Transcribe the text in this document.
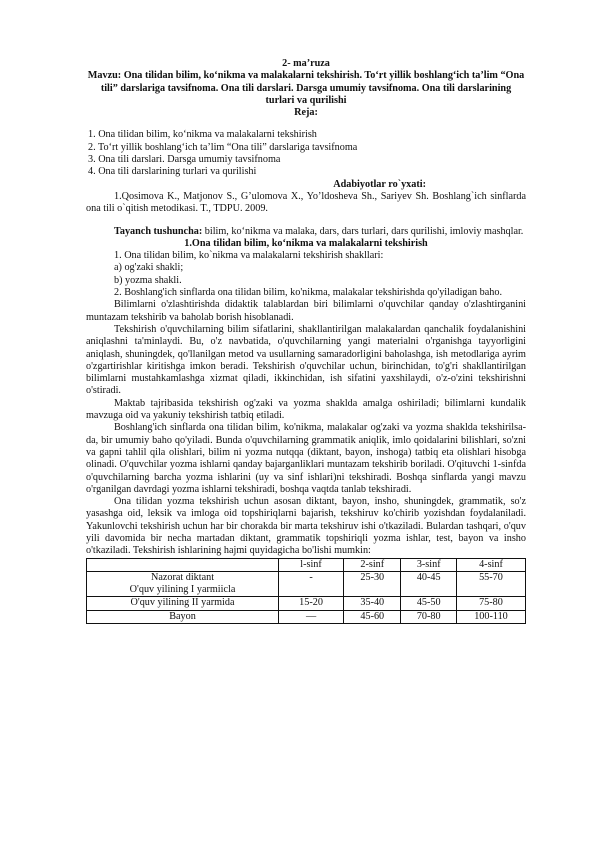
2- ma’ruza

Mavzu: Ona tilidan bilim, ko‘nikma va malakalarni tekshirish. To‘rt yillik boshlang‘ich ta’lim “Ona tili” darslariga tavsifnoma. Ona tili darslari. Darsga umumiy tavsifnoma. Ona tili darslarining turlari va qurilishi

Reja:

1. Ona tilidan bilim, ko‘nikma va malakalarni tekshirish

2. To‘rt yillik boshlang‘ich ta’lim “Ona tili” darslariga tavsifnoma

3. Ona tili darslari. Darsga umumiy tavsifnoma

4. Ona tili darslarining turlari va qurilishi

Adabiyotlar ro`yxati:

1.Qosimova K., Matjonov S., G’ulomova X., Yo’ldosheva Sh., Sariyev Sh. Boshlang`ich sinflarda ona tili o`qitish metodikasi. T., TDPU. 2009.

Tayanch tushuncha: bilim, ko‘nikma va malaka, dars, dars turlari, dars qurilishi, imloviy mashqlar.

1.Ona tilidan bilim, ko‘nikma va malakalarni tekshirish

1. Ona tilidan bilim, ko`nikma va malakalarni tekshirish shakllari:

a) og'zaki shakli;

b) yozma shakli.

2. Boshlang'ich sinflarda ona tilidan bilim, ko'nikma, malakalar tekshirishda qo'yiladigan baho.

Bilimlarni o'zlashtirishda didaktik talablardan biri bilimlarni o'quvchilar qanday o'zlashtirganini muntazam tekshirib va baholab borish hisoblanadi.

Tekshirish o'quvchilarning bilim sifatlarini, shakllantirilgan malakalardan qanchalik foydalanishini aniqlashni ta'minlaydi. Bu, o'z navbatida, o'quvchilarning yangi materialni o'rganishga tayyorligini aniqlash, shuningdek, qo'llanilgan metod va usullarning samaradorligini baholashga, ish metodlariga ayrim o'zgartirishlar kiritishga imkon beradi. Tekshirish o'quvchilar uchun, birinchidan, to'g'ri shakllantirilgan bilimlarni mustahkamlashga xizmat qiladi, ikkinchidan, ish sifatini yaxshilaydi, o'z-o'zini tekshirishni o'stiradi.

Maktab tajribasida tekshirish og'zaki va yozma shaklda amalga oshiriladi; bilimlarni kundalik mavzuga oid va yakuniy tekshirish tatbiq etiladi.

Boshlang'ich sinflarda ona tilidan bilim, ko'nikma, malakalar og'zaki va yozma shaklda tekshirilsa-da, bir umumiy baho qo'yiladi. Bunda o'quvchilarning grammatik aniqlik, imlo qoidalarini bilishlari, so'zni va gapni tahlil qila olishlari, bilim ni yozma nutqqa (diktant, bayon, inshoga) tatbiq eta olishlari hisobga olinadi. O'quvchilar yozma ishlarni qanday bajarganliklari muntazam tekshirib boriladi. O'qituvchi 1-sinfda o'quvchilarning barcha yozma ishlarini (uy va sinf ishlari)ni tekshiradi. Boshqa sinflarda yangi mavzu o'rganilgan davrdagi yozma ishlarni tekshiradi, boshqa vaqtda tanlab tekshiradi.

Ona tilidan yozma tekshirish uchun asosan diktant, bayon, insho, shuningdek, grammatik, so'z yasashga oid, leksik va imloga oid topshiriqlarni bajarish, tekshiruv ko'chirib yozishdan foydalaniladi. Yakunlovchi tekshirish uchun har bir chorakda bir marta tekshiruv ishi o'tkaziladi. Bulardan tashqari, o'quv yili davomida bir necha martadan diktant, grammatik topshiriqli yozma ishlar, test, bayon va insho o'tkaziladi. Tekshirish ishlarining hajmi quyidagicha bo'lishi mumkin:

	l-sinf	2-sinf	3-sinf	4-sinf

Nazorat diktant
O'quv yilining I yarmiicla	-	25-30	40-45	55-70
O'quv yilining II yarmida	15-20	35-40	45-50	75-80
Bayon	—	45-60	70-80	100-110
